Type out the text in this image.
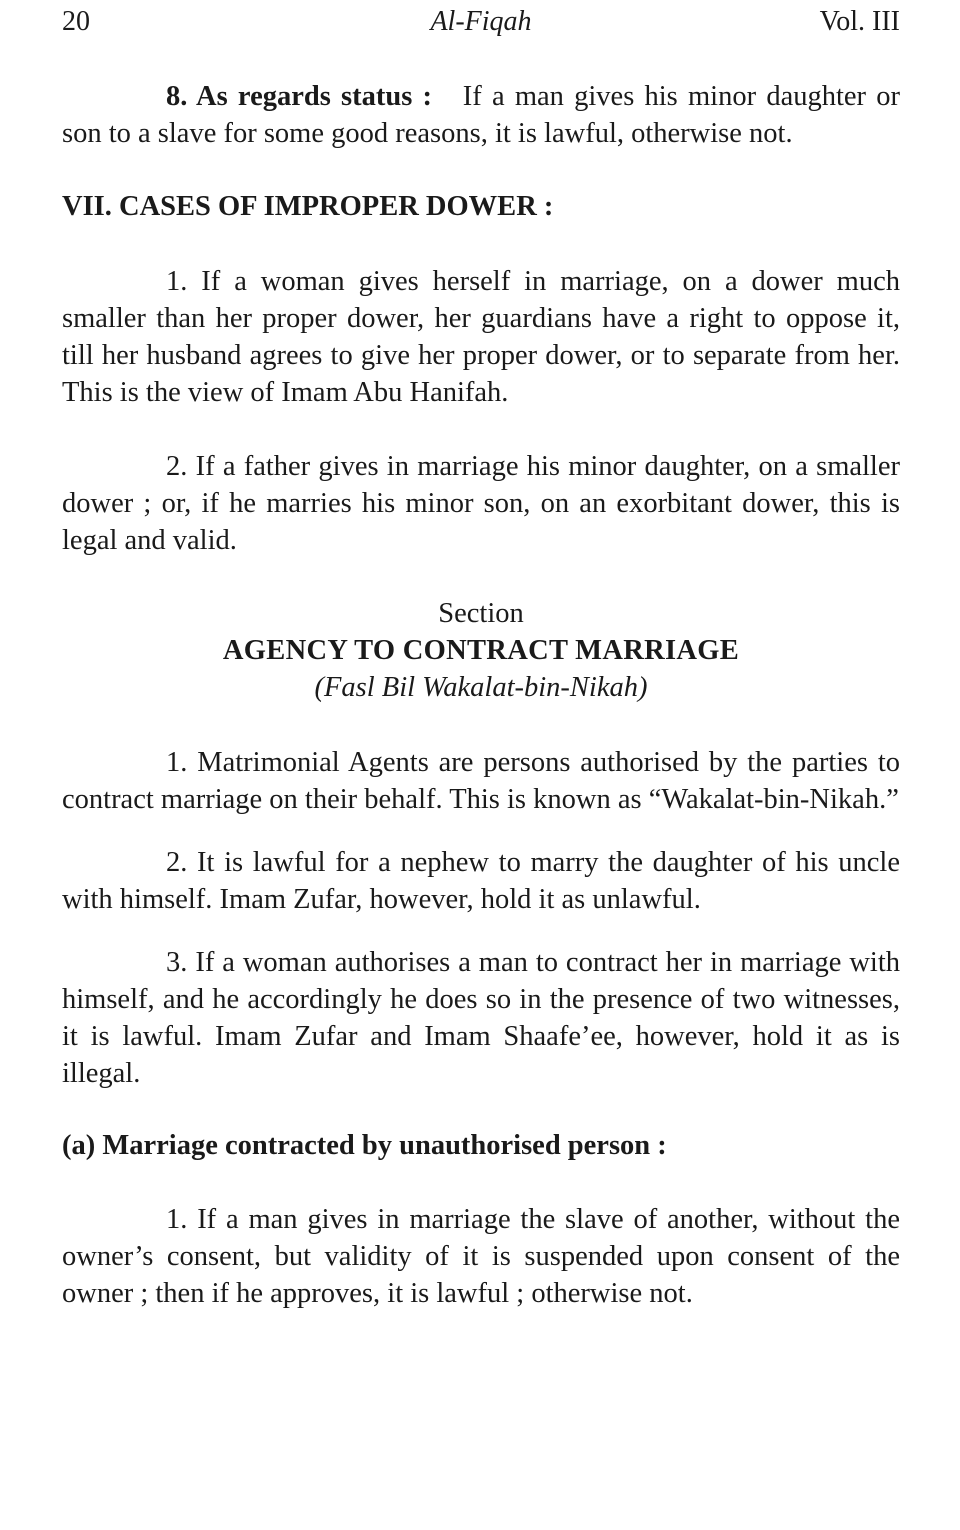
20	Al-Fiqah	Vol. III

8. As regards status : If a man gives his minor daughter or son to a slave for some good reasons, it is lawful, otherwise not.

VII. CASES OF IMPROPER DOWER :

1. If a woman gives herself in marriage, on a dower much smaller than her proper dower, her guardians have a right to oppose it, till her husband agrees to give her proper dower, or to separate from her. This is the view of Imam Abu Hanifah.

2. If a father gives in marriage his minor daughter, on a smaller dower ; or, if he marries his minor son, on an exorbitant dower, this is legal and valid.

Section

AGENCY TO CONTRACT MARRIAGE

(Fasl Bil Wakalat-bin-Nikah)

1. Matrimonial Agents are persons authorised by the parties to contract marriage on their behalf. This is known as “Wakalat-bin-Nikah.”

2. It is lawful for a nephew to marry the daughter of his uncle with himself. Imam Zufar, however, hold it as unlawful.

3. If a woman authorises a man to contract her in marriage with himself, and he accordingly he does so in the presence of two witnesses, it is lawful. Imam Zufar and Imam Shaafe’ee, however, hold it as is illegal.

(a) Marriage contracted by unauthorised person :

1. If a man gives in marriage the slave of another, without the owner’s consent, but validity of it is suspended upon consent of the owner ; then if he approves, it is lawful ; otherwise not.
